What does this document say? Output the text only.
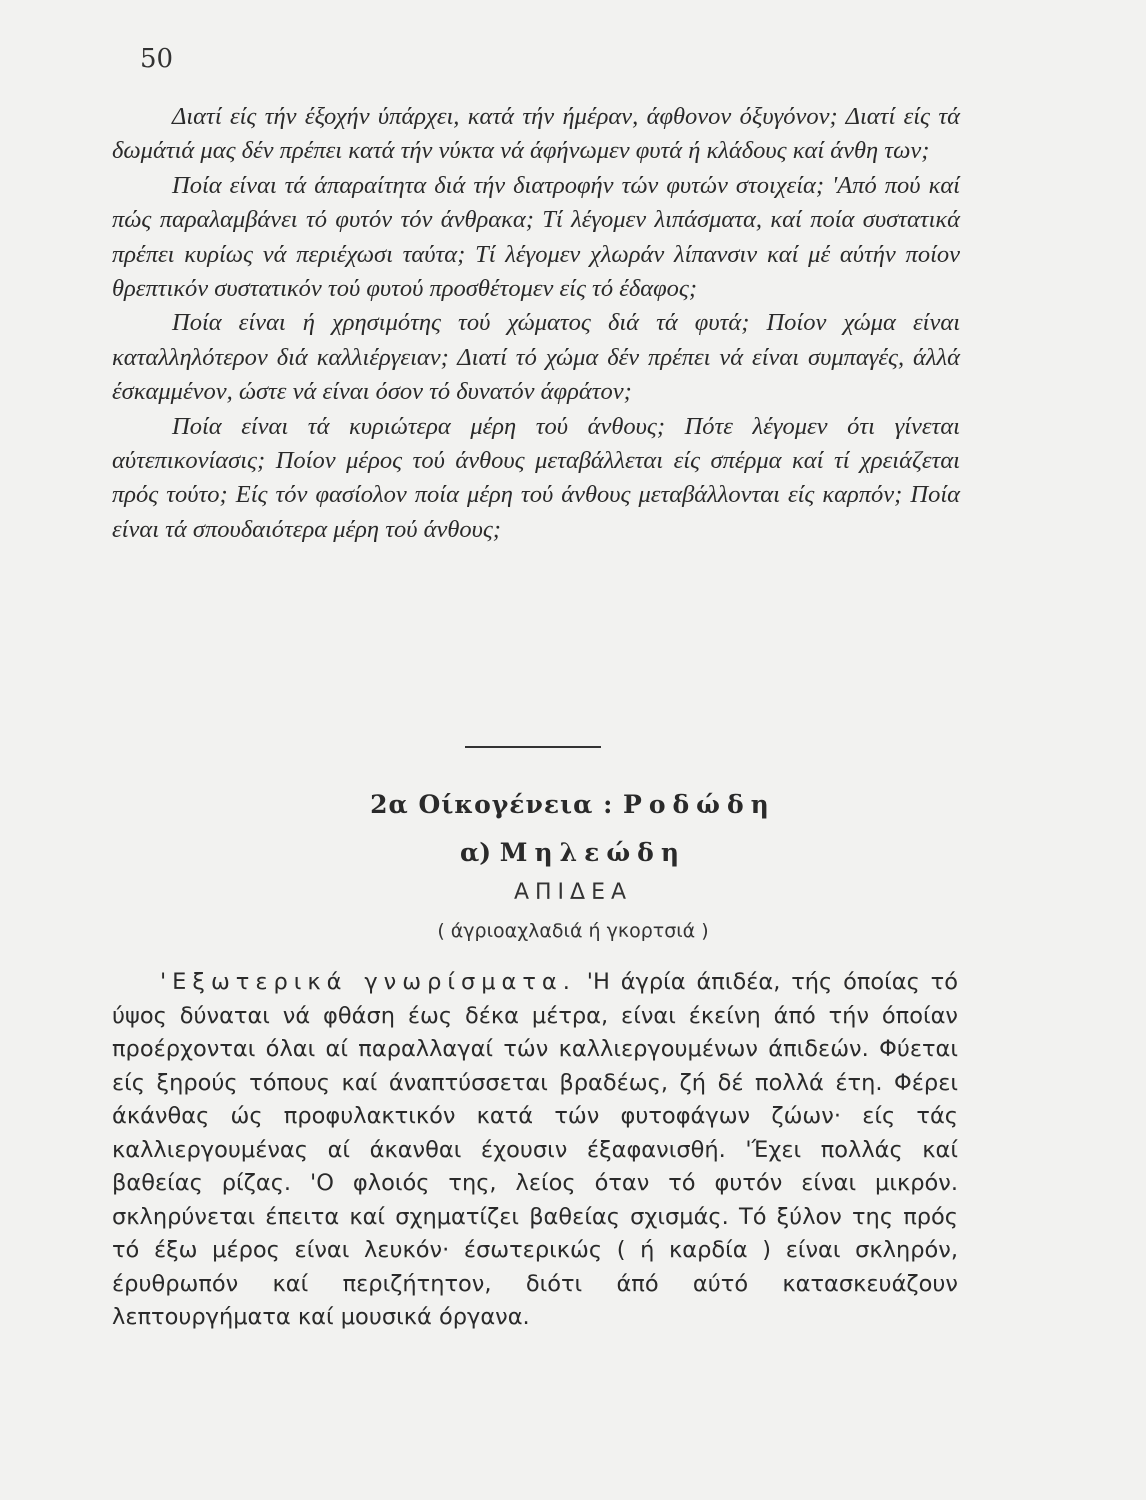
50

Διατί είς τήν έξοχήν ύπάρχει, κατά τήν ήμέραν, άφθονον όξυγόνον; Διατί είς τά δωμάτιά μας δέν πρέπει κατά τήν νύκτα νά άφήνωμεν φυτά ή κλάδους καί άνθη των;

Ποία είναι τά άπαραίτητα διά τήν διατροφήν τών φυτών στοιχεία; 'Από πού καί πώς παραλαμβάνει τό φυτόν τόν άνθρακα; Τί λέγομεν λιπάσματα, καί ποία συστατικά πρέπει κυρίως νά περιέχωσι ταύτα; Τί λέγομεν χλωράν λίπανσιν καί μέ αύτήν ποίον θρεπτικόν συστατικόν τού φυτού προσθέτομεν είς τό έδαφος;

Ποία είναι ή χρησιμότης τού χώματος διά τά φυτά; Ποίον χώμα είναι καταλληλότερον διά καλλιέργειαν; Διατί τό χώμα δέν πρέπει νά είναι συμπαγές, άλλά έσκαμμένον, ώστε νά είναι όσον τό δυνατόν άφράτον;

Ποία είναι τά κυριώτερα μέρη τού άνθους; Πότε λέγομεν ότι γίνεται αύτεπικονίασις; Ποίον μέρος τού άνθους μεταβάλλεται είς σπέρμα καί τί χρειάζεται πρός τούτο; Είς τόν φασίολον ποία μέρη τού άνθους μεταβάλλονται είς καρπόν; Ποία είναι τά σπουδαιότερα μέρη τού άνθους;

2α Οίκογένεια : Ροδώδη
α) Μηλεώδη
ΑΠΙΔΕΑ
( άγριοαχλαδιά ή γκορτσιά )
'Εξωτερικά γνωρίσματα. 'Η άγρία άπιδέα, τής όποίας τό ύψος δύναται νά φθάση έως δέκα μέτρα, είναι έκείνη άπό τήν όποίαν προέρχονται όλαι αί παραλλαγαί τών καλλιεργουμένων άπιδεών. Φύεται είς ξηρούς τόπους καί άναπτύσσεται βραδέως, ζή δέ πολλά έτη. Φέρει άκάνθας ώς προφυλακτικόν κατά τών φυτοφάγων ζώων· είς τάς καλλιεργουμένας αί άκανθαι έχουσιν έξαφανισθή. 'Έχει πολλάς καί βαθείας ρίζας. 'Ο φλοιός της, λείος όταν τό φυτόν είναι μικρόν. σκληρύνεται έπειτα καί σχηματίζει βαθείας σχισμάς. Τό ξύλον της πρός τό έξω μέρος είναι λευκόν· έσωτερικώς ( ή καρδία ) είναι σκληρόν, έρυθρωπόν καί περιζήτητον, διότι άπό αύτό κατασκευάζουν λεπτουργήματα καί μουσικά όργανα.
